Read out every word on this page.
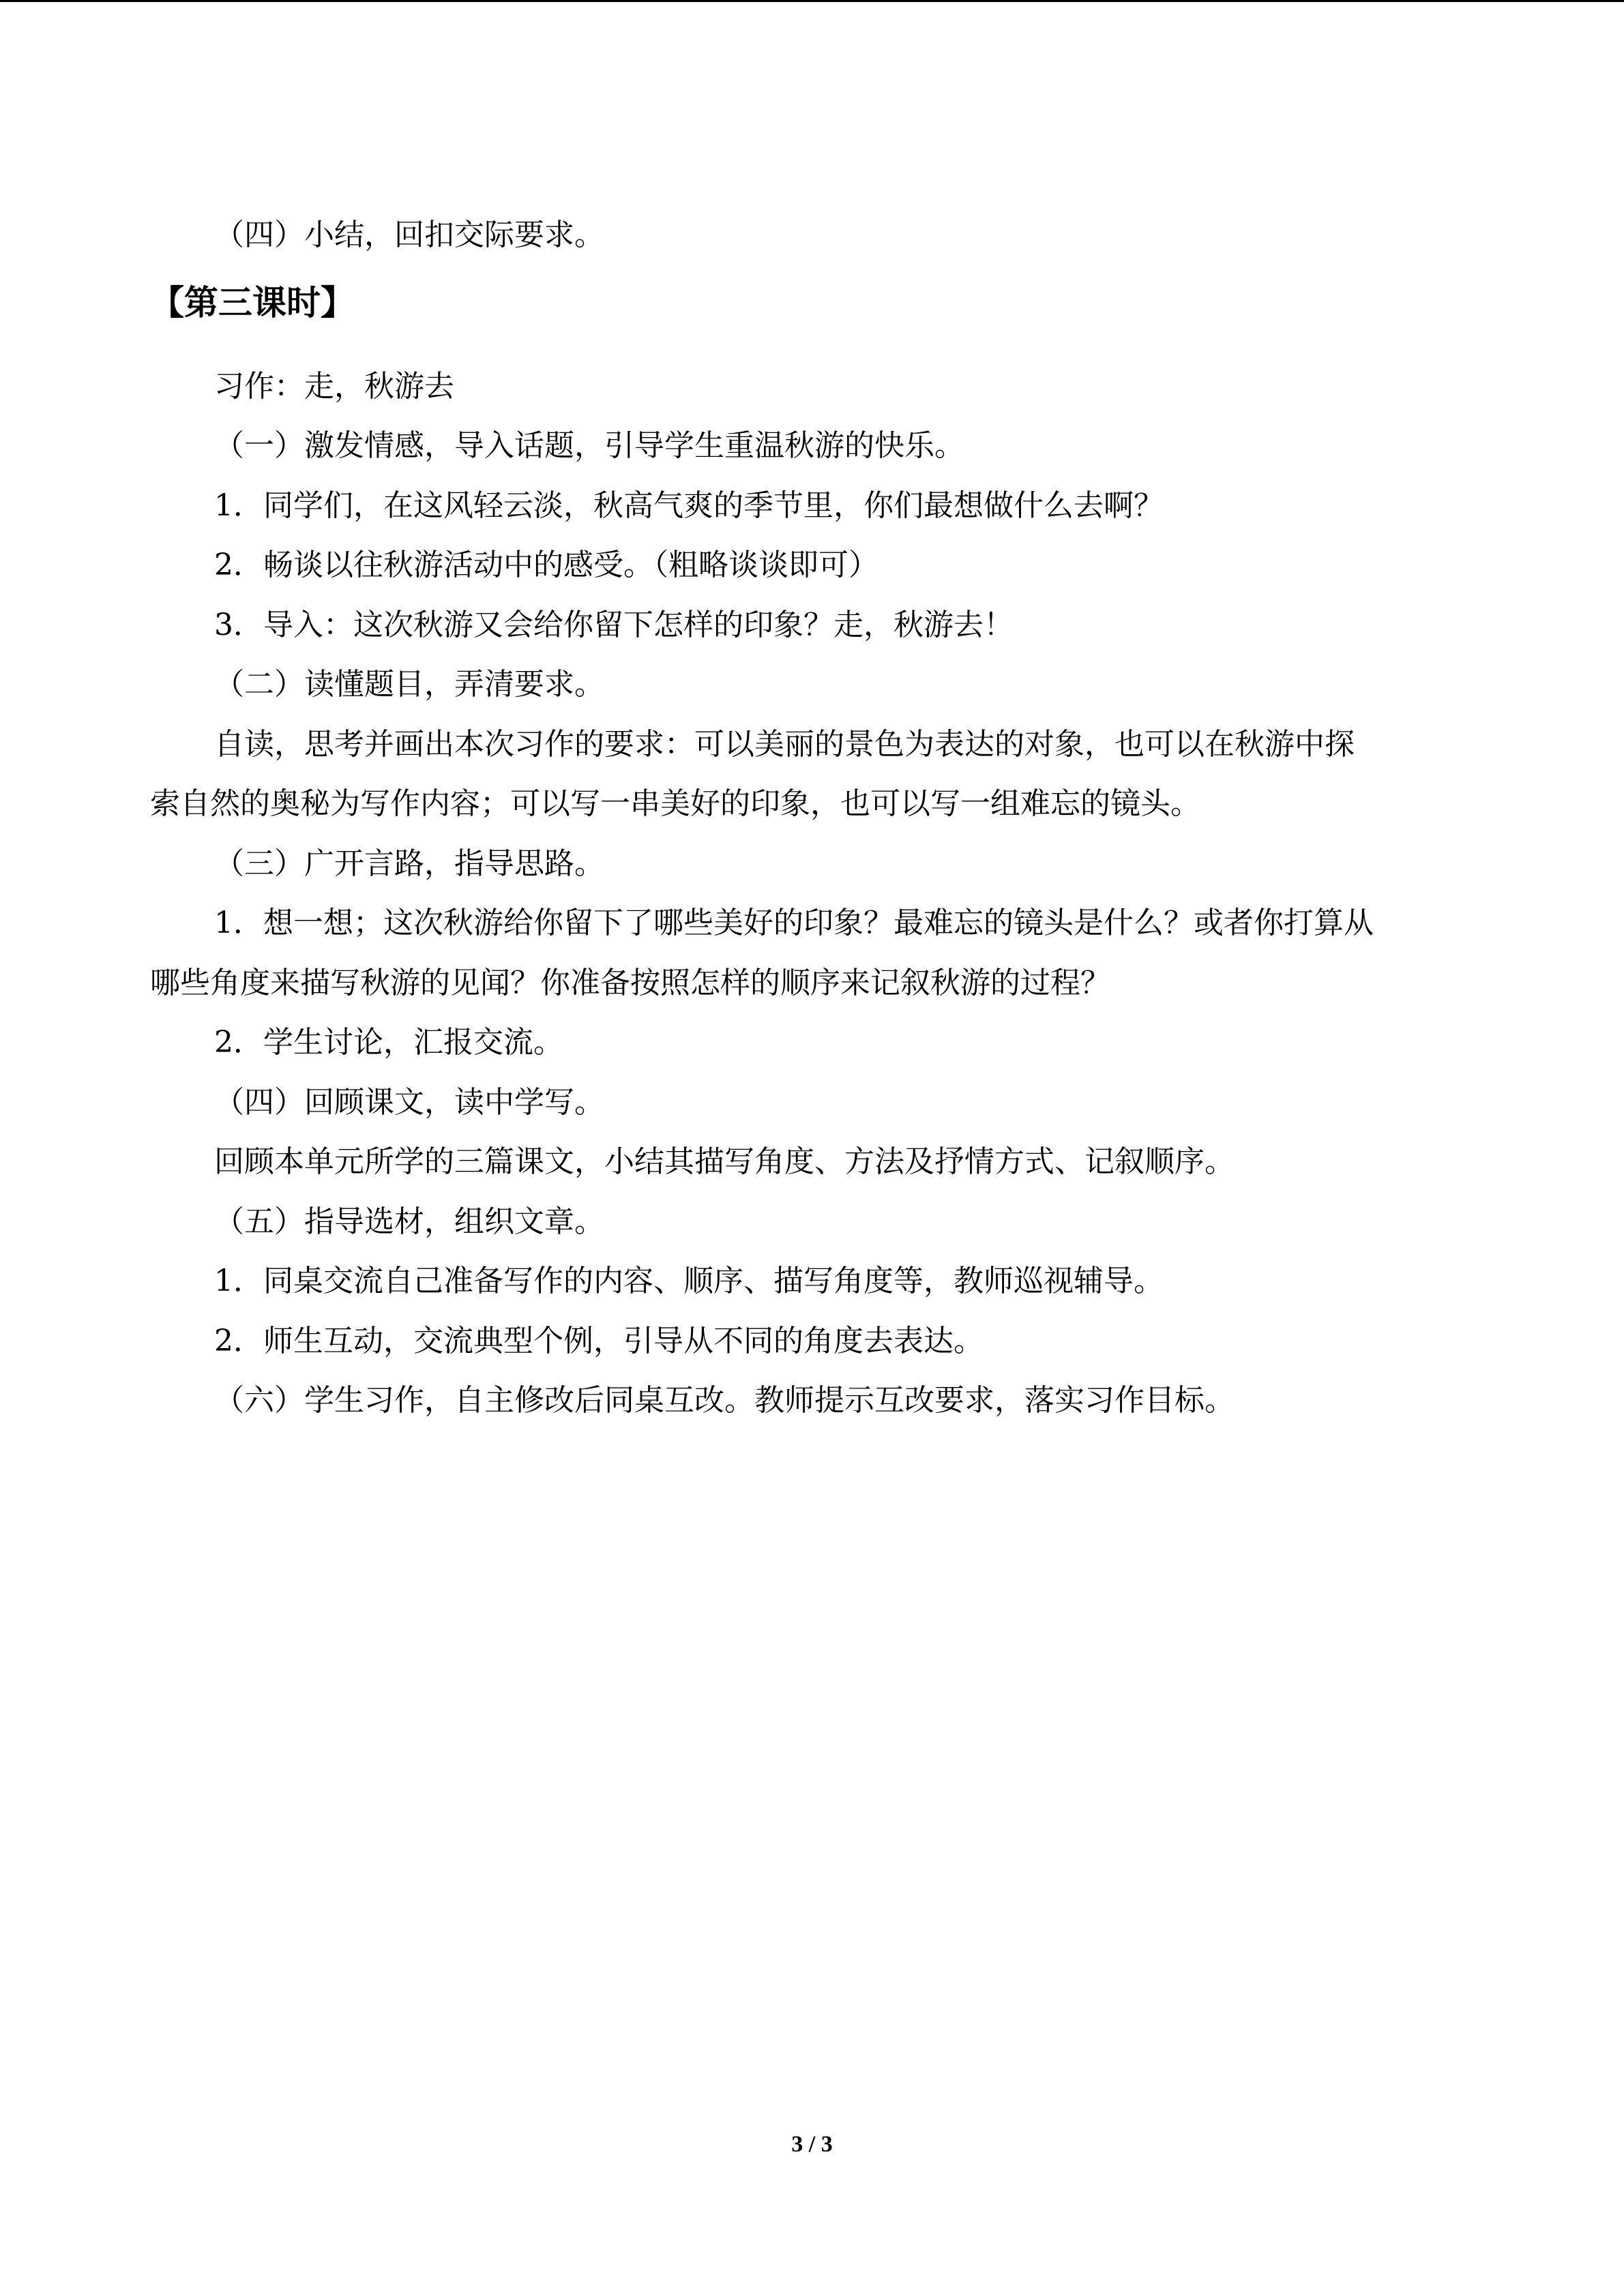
（四）小结，回扣交际要求。
【第三课时】
习作：走，秋游去
（一）激发情感，导入话题，引导学生重温秋游的快乐。
1．同学们，在这风轻云淡，秋高气爽的季节里，你们最想做什么去啊？
2．畅谈以往秋游活动中的感受。（粗略谈谈即可）
3．导入：这次秋游又会给你留下怎样的印象？走，秋游去！
（二）读懂题目，弄清要求。
自读，思考并画出本次习作的要求：可以美丽的景色为表达的对象，也可以在秋游中探
索自然的奥秘为写作内容；可以写一串美好的印象，也可以写一组难忘的镜头。
（三）广开言路，指导思路。
1．想一想；这次秋游给你留下了哪些美好的印象？最难忘的镜头是什么？或者你打算从
哪些角度来描写秋游的见闻？你准备按照怎样的顺序来记叙秋游的过程？
2．学生讨论，汇报交流。
（四）回顾课文，读中学写。
回顾本单元所学的三篇课文，小结其描写角度、方法及抒情方式、记叙顺序。
（五）指导选材，组织文章。
1．同桌交流自己准备写作的内容、顺序、描写角度等，教师巡视辅导。
2．师生互动，交流典型个例，引导从不同的角度去表达。
（六）学生习作，自主修改后同桌互改。教师提示互改要求，落实习作目标。
3 / 3
